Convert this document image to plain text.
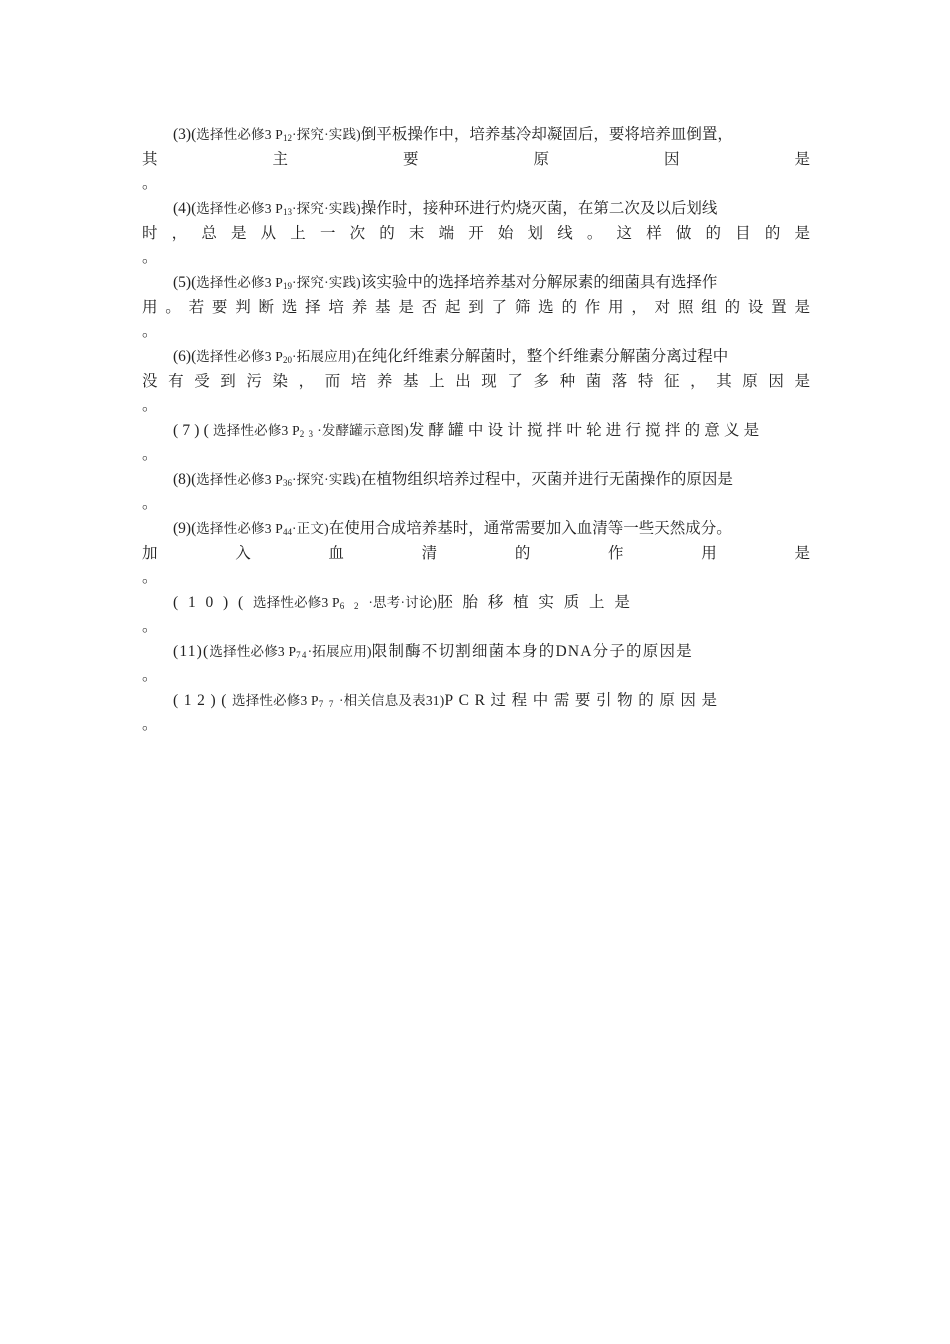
(3)(选择性必修3 $P_{12}\cdot$探究·实践)倒平板操作中，培养基冷却凝固后，要将培养皿倒置，
其主要原因是
。
(4)(选择性必修3 $P_{13}\cdot$探究·实践)操作时，接种环进行灼烧灭菌，在第二次及以后划线
时，总是从上一次的末端开始划线。这样做的目的是
。
(5)(选择性必修3 $P_{19}\cdot$探究·实践)该实验中的选择培养基对分解尿素的细菌具有选择作
用。若要判断选择培养基是否起到了筛选的作用，对照组的设置是
。
(6)(选择性必修3 $P_{20}\cdot$拓展应用)在纯化纤维素分解菌时，整个纤维素分解菌分离过程中
没有受到污染，而培养基上出现了多种菌落特征，其原因是
。
(7)(选择性必修3 $P_{23}\cdot$发酵罐示意图)发酵罐中设计搅拌叶轮进行搅拌的意义是
。
(8)(选择性必修3 $P_{36}\cdot$探究·实践)在植物组织培养过程中，灭菌并进行无菌操作的原因是
。
(9)(选择性必修3 $P_{44}\cdot$正文)在使用合成培养基时，通常需要加入血清等一些天然成分。
加入血清的作用是
。
(10)(选择性必修3 $P_{62}\cdot$思考·讨论)胚胎移植实质上是
。
(11)(选择性必修3 $P_{74}\cdot$拓展应用)限制酶不切割细菌本身的DNA分子的原因是
。
(12)(选择性必修3 $P_{77}\cdot$相关信息及表31)PCR过程中需要引物的原因是
。
